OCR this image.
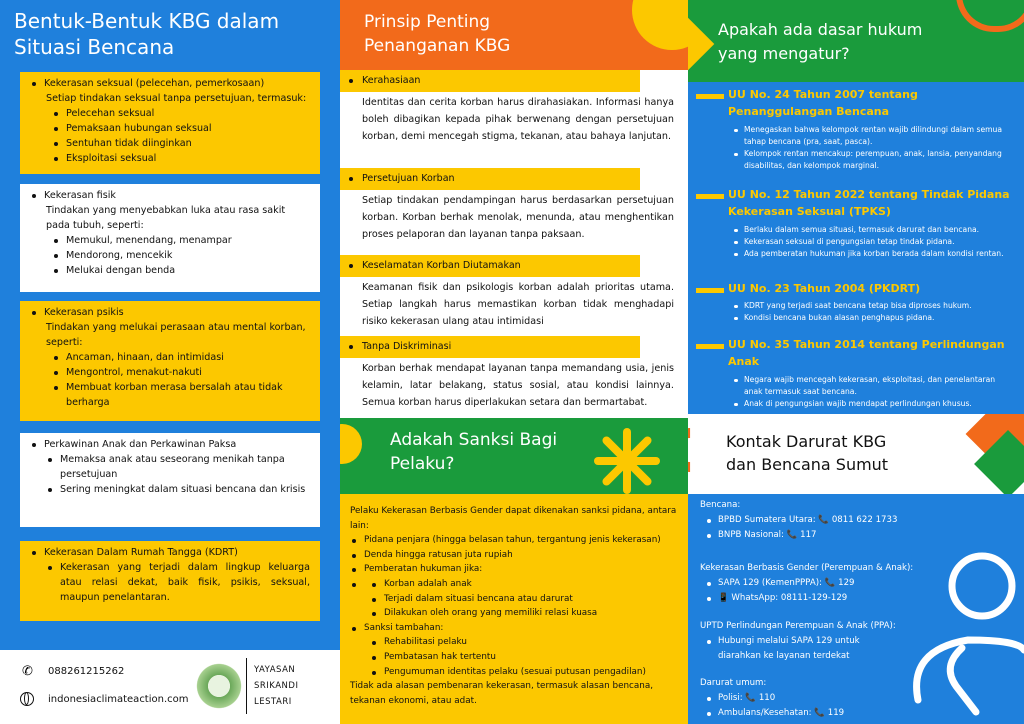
Bentuk-Bentuk KBG dalam
Situasi Bencana
Kekerasan seksual (pelecehan, pemerkosaan)
Setiap tindakan seksual tanpa persetujuan, termasuk:
Pelecehan seksual
Pemaksaan hubungan seksual
Sentuhan tidak diinginkan
Eksploitasi seksual
Kekerasan fisik
Tindakan yang menyebabkan luka atau rasa sakit
pada tubuh, seperti:
Memukul, menendang, menampar
Mendorong, mencekik
Melukai dengan benda
Kekerasan psikis
Tindakan yang melukai perasaan atau mental korban,
seperti:
Ancaman, hinaan, dan intimidasi
Mengontrol, menakut-nakuti
Membuat korban merasa bersalah atau tidak berharga
Perkawinan Anak dan Perkawinan Paksa
Memaksa anak atau seseorang menikah tanpa persetujuan
Sering meningkat dalam situasi bencana dan krisis
Kekerasan Dalam Rumah Tangga (KDRT)
Kekerasan yang terjadi dalam lingkup keluarga atau relasi dekat, baik fisik, psikis, seksual, maupun penelantaran.
✆ 088261215262
indonesiaclimateaction.com
YAYASAN
SRIKANDI
LESTARI
Prinsip Penting
Penanganan KBG
Kerahasiaan
Identitas dan cerita korban harus dirahasiakan. Informasi hanya boleh dibagikan kepada pihak berwenang dengan persetujuan korban, demi mencegah stigma, tekanan, atau bahaya lanjutan.
Persetujuan Korban
Setiap tindakan pendampingan harus berdasarkan persetujuan korban. Korban berhak menolak, menunda, atau menghentikan proses pelaporan dan layanan tanpa paksaan.
Keselamatan Korban Diutamakan
Keamanan fisik dan psikologis korban adalah prioritas utama. Setiap langkah harus memastikan korban tidak menghadapi risiko kekerasan ulang atau intimidasi
Tanpa Diskriminasi
Korban berhak mendapat layanan tanpa memandang usia, jenis kelamin, latar belakang, status sosial, atau kondisi lainnya. Semua korban harus diperlakukan setara dan bermartabat.
Adakah Sanksi Bagi
Pelaku?
Pelaku Kekerasan Berbasis Gender dapat dikenakan sanksi pidana, antara lain:
Pidana penjara (hingga belasan tahun, tergantung jenis kekerasan)
Denda hingga ratusan juta rupiah
Pemberatan hukuman jika:
Korban adalah anak
Terjadi dalam situasi bencana atau darurat
Dilakukan oleh orang yang memiliki relasi kuasa
Sanksi tambahan:
Rehabilitasi pelaku
Pembatasan hak tertentu
Pengumuman identitas pelaku (sesuai putusan pengadilan)
Tidak ada alasan pembenaran kekerasan, termasuk alasan bencana, tekanan ekonomi, atau adat.
Apakah ada dasar hukum
yang mengatur?
UU No. 24 Tahun 2007 tentang
Penanggulangan Bencana
Menegaskan bahwa kelompok rentan wajib dilindungi dalam semua tahap bencana (pra, saat, pasca).
Kelompok rentan mencakup: perempuan, anak, lansia, penyandang disabilitas, dan kelompok marginal.
UU No. 12 Tahun 2022 tentang Tindak Pidana
Kekerasan Seksual (TPKS)
Berlaku dalam semua situasi, termasuk darurat dan bencana.
Kekerasan seksual di pengungsian tetap tindak pidana.
Ada pemberatan hukuman jika korban berada dalam kondisi rentan.
UU No. 23 Tahun 2004 (PKDRT)
KDRT yang terjadi saat bencana tetap bisa diproses hukum.
Kondisi bencana bukan alasan penghapus pidana.
UU No. 35 Tahun 2014 tentang Perlindungan
Anak
Negara wajib mencegah kekerasan, eksploitasi, dan penelantaran anak termasuk saat bencana.
Anak di pengungsian wajib mendapat perlindungan khusus.
Kontak Darurat KBG
dan Bencana Sumut
Bencana:
BPBD Sumatera Utara: 📞 0811 622 1733
BNPB Nasional: 📞 117
Kekerasan Berbasis Gender (Perempuan & Anak):
SAPA 129 (KemenPPPA): 📞 129
📱 WhatsApp: 08111-129-129
UPTD Perlindungan Perempuan & Anak (PPA):
Hubungi melalui SAPA 129 untuk
diarahkan ke layanan terdekat
Darurat umum:
Polisi: 📞 110
Ambulans/Kesehatan: 📞 119
